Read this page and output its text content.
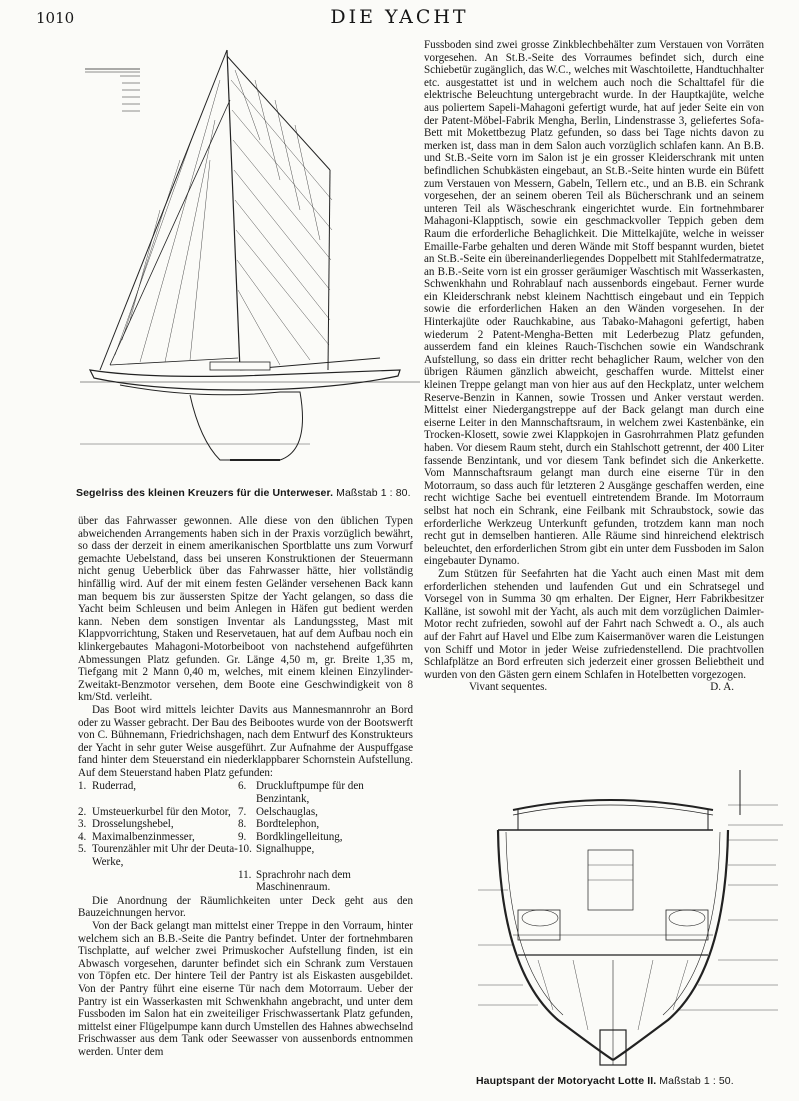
1010	DIE YACHT
Segelriss des kleinen Kreuzers für die Unterweser. Maßstab 1 : 80.

über das Fahrwasser gewonnen. Alle diese von den üblichen Typen abweichenden Arrangements haben sich in der Praxis vorzüglich bewährt, so dass der derzeit in einem amerikanischen Sportblatte uns zum Vorwurf gemachte Uebelstand, dass bei unseren Konstruktionen der Steuermann nicht genug Ueberblick über das Fahrwasser hätte, hier vollständig hinfällig wird. Auf der mit einem festen Geländer versehenen Back kann man bequem bis zur äussersten Spitze der Yacht gelangen, so dass die Yacht beim Schleusen und beim Anlegen in Häfen gut bedient werden kann. Neben dem sonstigen Inventar als Landungssteg, Mast mit Klappvorrichtung, Staken und Reservetauen, hat auf dem Aufbau noch ein klinkergebautes Mahagoni-Motorbeiboot von nachstehend aufgeführten Abmessungen Platz gefunden. Gr. Länge 4,50 m, gr. Breite 1,35 m, Tiefgang mit 2 Mann 0,40 m, welches, mit einem kleinen Einzylinder-Zweitakt-Benzmotor versehen, dem Boote eine Geschwindigkeit von 8 km/Std. verleiht.

Das Boot wird mittels leichter Davits aus Mannesmannrohr an Bord oder zu Wasser gebracht. Der Bau des Beibootes wurde von der Bootswerft von C. Bühnemann, Friedrichshagen, nach dem Entwurf des Konstrukteurs der Yacht in sehr guter Weise ausgeführt. Zur Aufnahme der Auspuffgase fand hinter dem Steuerstand ein niederklappbarer Schornstein Aufstellung. Auf dem Steuerstand haben Platz gefunden:

1. Ruderrad,	6. Druckluftpumpe für den Benzintank,
2. Umsteuerkurbel für den Motor, 7. Oelschauglas,
3. Drosselungshebel,	8. Bordtelephon,
4. Maximalbenzinmesser,	9. Bordklingelleitung,
5. Tourenzähler mit Uhr der Deuta-Werke,
10. Signalhuppe,
11. Sprachrohr nach dem Maschinenraum.

Die Anordnung der Räumlichkeiten unter Deck geht aus den Bauzeichnungen hervor.

Von der Back gelangt man mittelst einer Treppe in den Vorraum, hinter welchem sich an B.B.-Seite die Pantry befindet. Unter der fortnehmbaren Tischplatte, auf welcher zwei Primuskocher Aufstellung finden, ist ein Abwasch vorgesehen, darunter befindet sich ein Schrank zum Verstauen von Töpfen etc. Der hintere Teil der Pantry ist als Eiskasten ausgebildet. Von der Pantry führt eine eiserne Tür nach dem Motorraum. Ueber der Pantry ist ein Wasserkasten mit Schwenkhahn angebracht, und unter dem Fussboden im Salon hat ein zweiteiliger Frischwassertank Platz gefunden, mittelst einer Flügelpumpe kann durch Umstellen des Hahnes abwechselnd Frischwasser aus dem Tank oder Seewasser von aussenbords entnommen werden. Unter dem

Fussboden sind zwei grosse Zinkblechbehälter zum Verstauen von Vorräten vorgesehen. An St.B.-Seite des Vorraumes befindet sich, durch eine Schiebetür zugänglich, das W.C., welches mit Waschtoilette, Handtuchhalter etc. ausgestattet ist und in welchem auch noch die Schalttafel für die elektrische Beleuchtung untergebracht wurde. In der Hauptkajüte, welche aus poliertem Sapeli-Mahagoni gefertigt wurde, hat auf jeder Seite ein von der Patent-Möbel-Fabrik Mengha, Berlin, Lindenstrasse 3, geliefertes Sofa-Bett mit Mokettbezug Platz gefunden, so dass bei Tage nichts davon zu merken ist, dass man in dem Salon auch vorzüglich schlafen kann. An B.B. und St.B.-Seite vorn im Salon ist je ein grosser Kleiderschrank mit unten befindlichen Schubkästen eingebaut, an St.B.-Seite hinten wurde ein Büfett zum Verstauen von Messern, Gabeln, Tellern etc., und an B.B. ein Schrank vorgesehen, der an seinem oberen Teil als Bücherschrank und an seinem unteren Teil als Wäscheschrank eingerichtet wurde. Ein fortnehmbarer Mahagoni-Klapptisch, sowie ein geschmackvoller Teppich geben dem Raum die erforderliche Behaglichkeit. Die Mittelkajüte, welche in weisser Emaille-Farbe gehalten und deren Wände mit Stoff bespannt wurden, bietet an St.B.-Seite ein übereinanderliegendes Doppelbett mit Stahlfedermatratze, an B.B.-Seite vorn ist ein grosser geräumiger Waschtisch mit Wasserkasten, Schwenkhahn und Rohrablauf nach aussenbords eingebaut. Ferner wurde ein Kleiderschrank nebst kleinem Nachttisch eingebaut und ein Teppich sowie die erforderlichen Haken an den Wänden vorgesehen. In der Hinterkajüte oder Rauchkabine, aus Tabako-Mahagoni gefertigt, haben wiederum 2 Patent-Mengha-Betten mit Lederbezug Platz gefunden, ausserdem fand ein kleines Rauch-Tischchen sowie ein Wandschrank Aufstellung, so dass ein dritter recht behaglicher Raum, welcher von den übrigen Räumen gänzlich abweicht, geschaffen wurde. Mittelst einer kleinen Treppe gelangt man von hier aus auf den Heckplatz, unter welchem Reserve-Benzin in Kannen, sowie Trossen und Anker verstaut werden. Mittelst einer Niedergangstreppe auf der Back gelangt man durch eine eiserne Leiter in den Mannschaftsraum, in welchem zwei Kastenbänke, ein Trocken-Klosett, sowie zwei Klappkojen in Gasrohrrahmen Platz gefunden haben. Vor diesem Raum steht, durch ein Stahlschott getrennt, der 400 Liter fassende Benzintank, und vor diesem Tank befindet sich die Ankerkette. Vom Mannschaftsraum gelangt man durch eine eiserne Tür in den Motorraum, so dass auch für letzteren 2 Ausgänge geschaffen werden, eine recht wichtige Sache bei eventuell eintretendem Brande. Im Motorraum selbst hat noch ein Schrank, eine Feilbank mit Schraubstock, sowie das erforderliche Werkzeug Unterkunft gefunden, trotzdem kann man noch recht gut in demselben hantieren. Alle Räume sind hinreichend elektrisch beleuchtet, den erforderlichen Strom gibt ein unter dem Fussboden im Salon eingebauter Dynamo.

Zum Stützen für Seefahrten hat die Yacht auch einen Mast mit dem erforderlichen stehenden und laufenden Gut und ein Schratsegel und Vorsegel von in Summa 30 qm erhalten. Der Eigner, Herr Fabrikbesitzer Kalläne, ist sowohl mit der Yacht, als auch mit dem vorzüglichen Daimler-Motor recht zufrieden, sowohl auf der Fahrt nach Schwedt a. O., als auch auf der Fahrt auf Havel und Elbe zum Kaisermanöver waren die Leistungen von Schiff und Motor in jeder Weise zufriedenstellend. Die prachtvollen Schlafplätze an Bord erfreuten sich jederzeit einer grossen Beliebtheit und wurden von den Gästen gern einem Schlafen in Hotelbetten vorgezogen.

Vivant sequentes.	D. A.
Hauptspant der Motoryacht Lotte II. Maßstab 1 : 50.
